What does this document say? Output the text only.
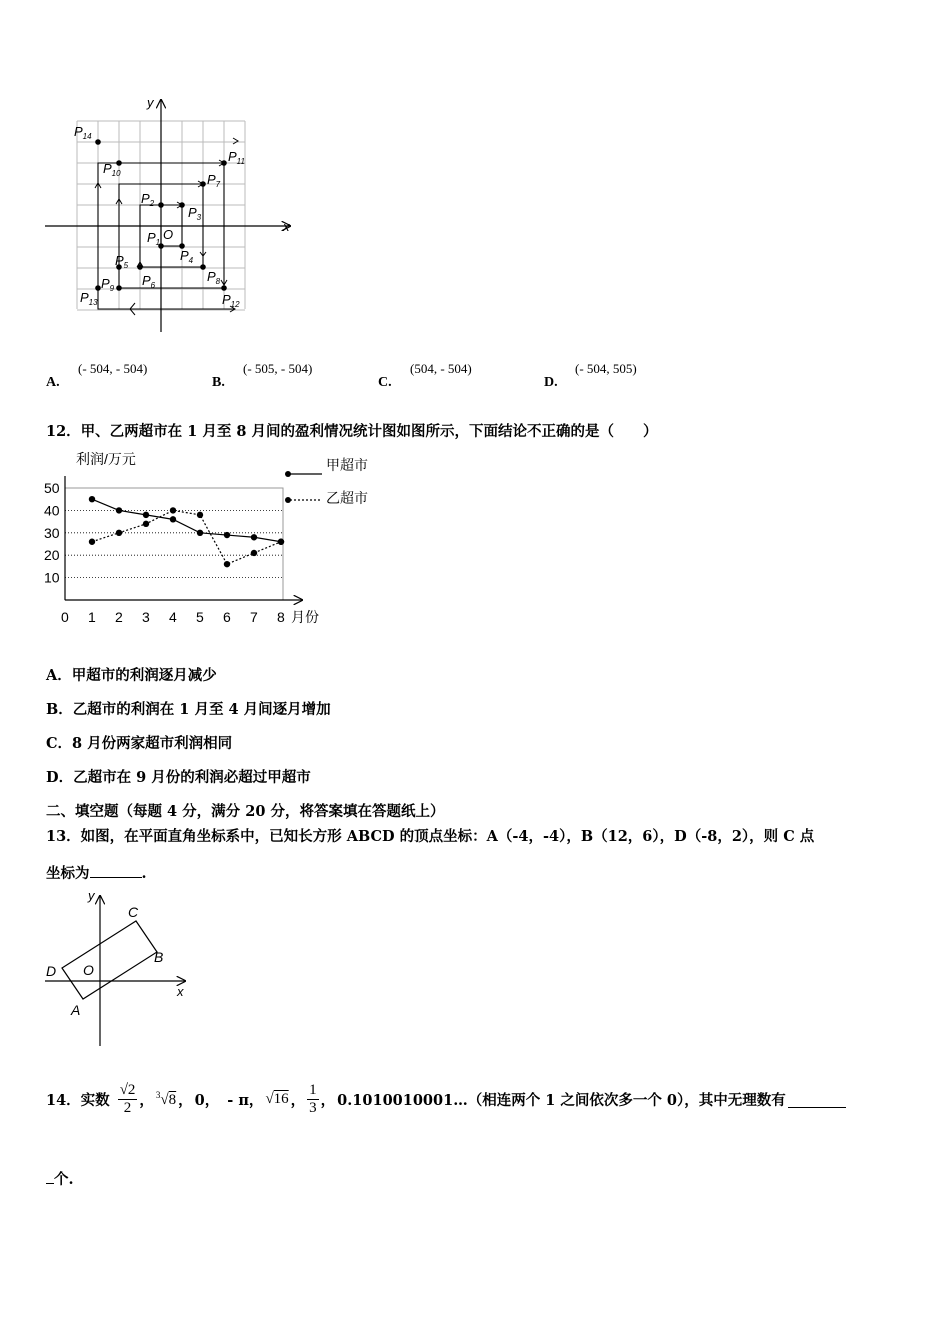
x
y
O
$P_1$
$P_2$
$P_3$
$P_4$
$P_5$
$P_6$
$P_7$
$P_8$
$P_9$
$P_{10}$
$P_{11}$
$P_{12}$
$P_{13}$
$P_{14}$
A.
(- 504, - 504)
B.
(- 505, - 504)
C.
(504, - 504)
D.
(- 504, 505)
12．甲、乙两超市在 1 月至 8 月间的盈利情况统计图如图所示，下面结论不正确的是（　　）
利润/万元
月份
0 1 2 3 4 5 6 7 8
10
20
30
40
50
甲超市
乙超市
A．甲超市的利润逐月减少
B．乙超市的利润在 1 月至 4 月间逐月增加
C．8 月份两家超市利润相同
D．乙超市在 9 月份的利润必超过甲超市
二、填空题（每题 4 分，满分 20 分，将答案填在答题纸上）
13．如图，在平面直角坐标系中，已知长方形 ABCD 的顶点坐标：A（-4，-4），B（12，6），D（-8，2），则 C 点
坐标为	.
y
x
O
A
B
C
D
14．实数 $\frac{√2}{2}$ ， $^3$√8 ， 0， - π， √16 ， $\frac{1}{3}$ ， 0.1010010001…（相连两个 1 之间依次多一个 0），其中无理数有
个.
